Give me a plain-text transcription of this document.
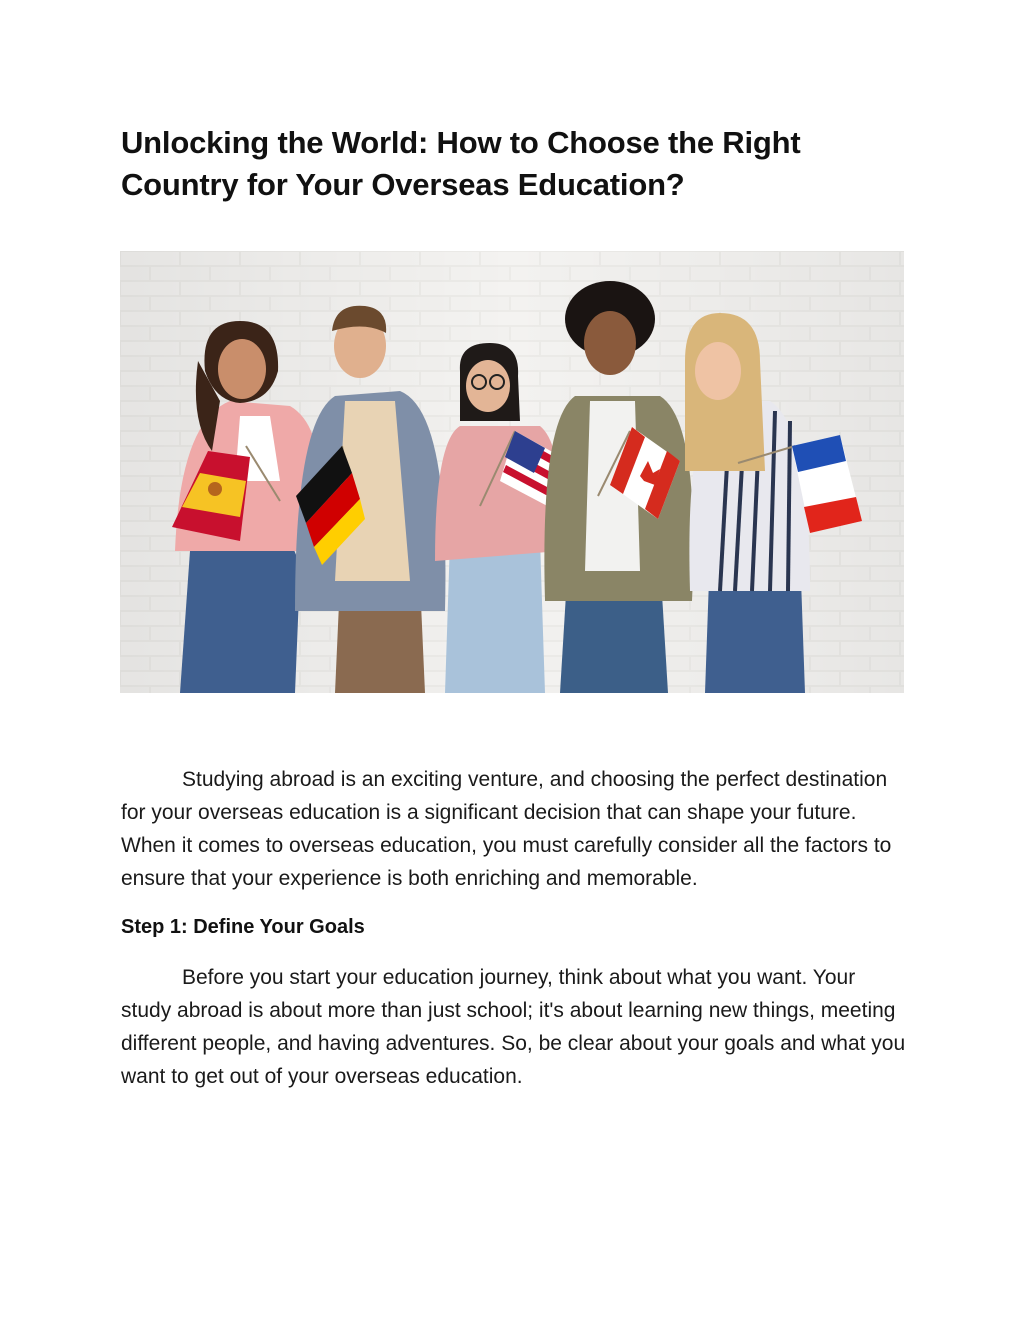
Unlocking the World: How to Choose the Right Country for Your Overseas Education?

Studying abroad is an exciting venture, and choosing the perfect destination for your overseas education is a significant decision that can shape your future. When it comes to overseas education, you must carefully consider all the factors to ensure that your experience is both enriching and memorable.

Step 1: Define Your Goals

Before you start your education journey, think about what you want. Your study abroad is about more than just school; it's about learning new things, meeting different people, and having adventures. So, be clear about your goals and what you want to get out of your overseas education.
